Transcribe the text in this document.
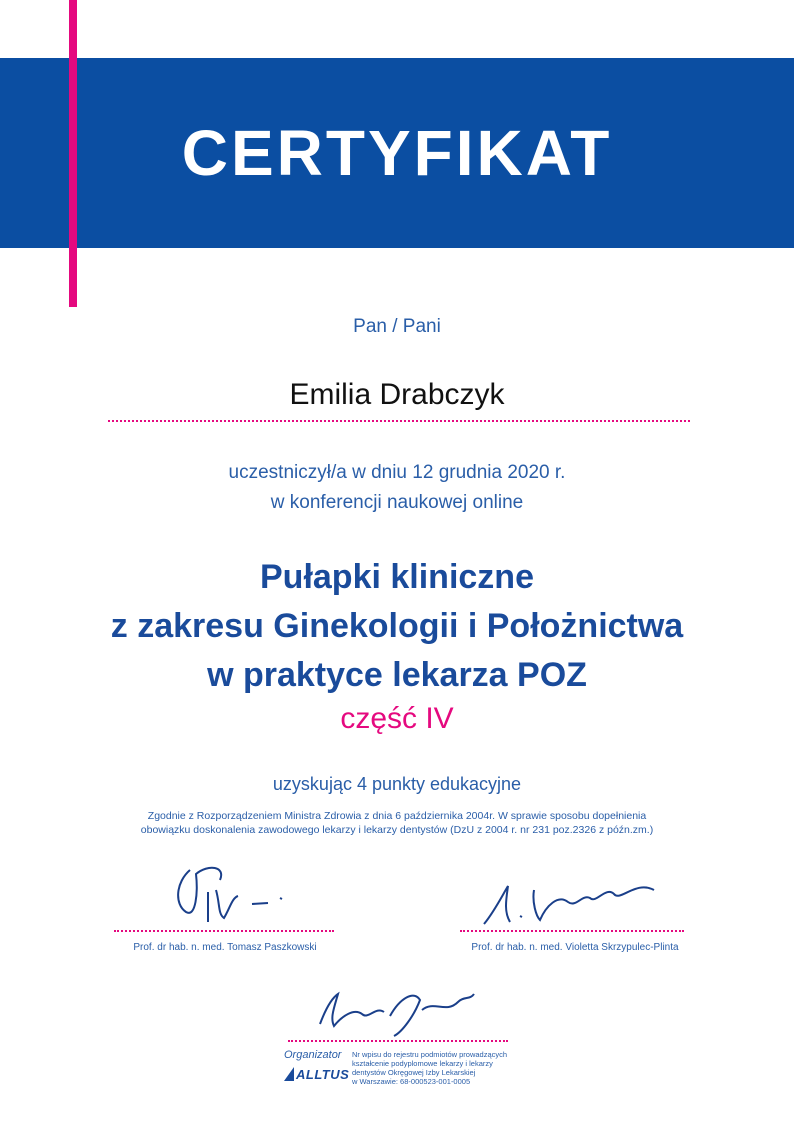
CERTYFIKAT
Pan / Pani
Emilia Drabczyk
uczestniczył/a w dniu 12 grudnia 2020 r.
w konferencji naukowej online
Pułapki kliniczne
z zakresu Ginekologii i Położnictwa
w praktyce lekarza POZ
część IV
uzyskując 4 punkty edukacyjne
Zgodnie z Rozporządzeniem Ministra Zdrowia z dnia 6 października 2004r. W sprawie sposobu dopełnienia
obowiązku doskonalenia zawodowego lekarzy i lekarzy dentystów (DzU z 2004 r. nr 231 poz.2326 z późn.zm.)
Prof. dr hab. n. med. Tomasz Paszkowski	Prof. dr hab. n. med. Violetta Skrzypulec-Plinta
Organizator
ALLTUS
Nr wpisu do rejestru podmiotów prowadzących
kształcenie podyplomowe lekarzy i lekarzy
dentystów Okręgowej Izby Lekarskiej
w Warszawie: 68-000523-001-0005
